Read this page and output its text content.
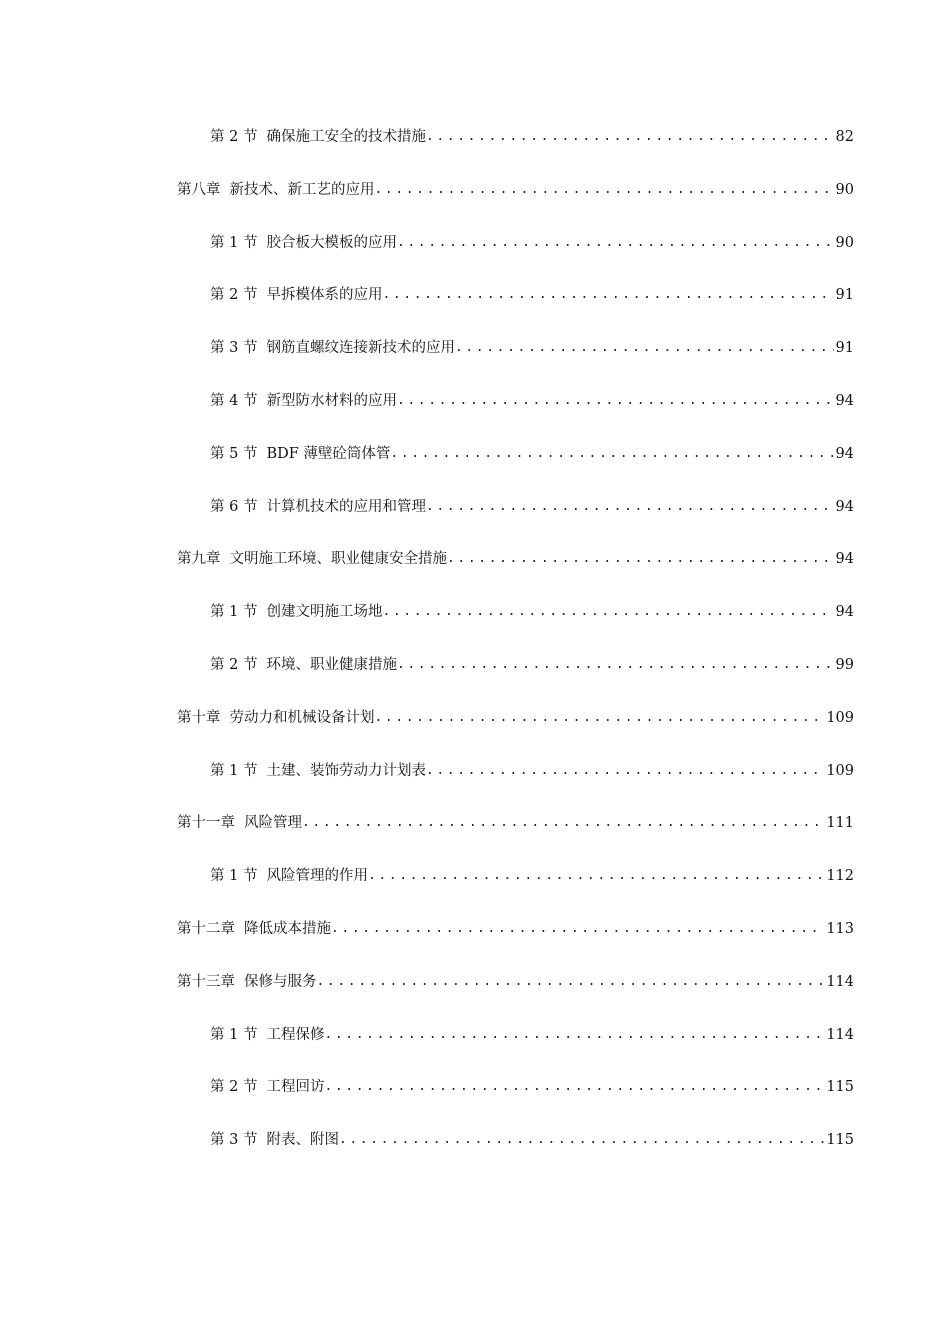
第 2 节 确保施工安全的技术措施 .....	82
第八章 新技术、新工艺的应用 .....	90
第 1 节 胶合板大模板的应用 .....	90
第 2 节 早拆模体系的应用 .....	91
第 3 节 钢筋直螺纹连接新技术的应用 .....	91
第 4 节 新型防水材料的应用 .....	94
第 5 节 BDF 薄壁砼筒体管 .....	94
第 6 节 计算机技术的应用和管理 .....	94
第九章 文明施工环境、职业健康安全措施 .....	94
第 1 节 创建文明施工场地 .....	94
第 2 节 环境、职业健康措施 .....	99
第十章 劳动力和机械设备计划 .....	109
第 1 节 土建、装饰劳动力计划表 .....	109
第十一章 风险管理 .....	111
第 1 节 风险管理的作用 .....	112
第十二章 降低成本措施 .....	113
第十三章 保修与服务 .....	114
第 1 节 工程保修 .....	114
第 2 节 工程回访 .....	115
第 3 节 附表、附图 .....	115
